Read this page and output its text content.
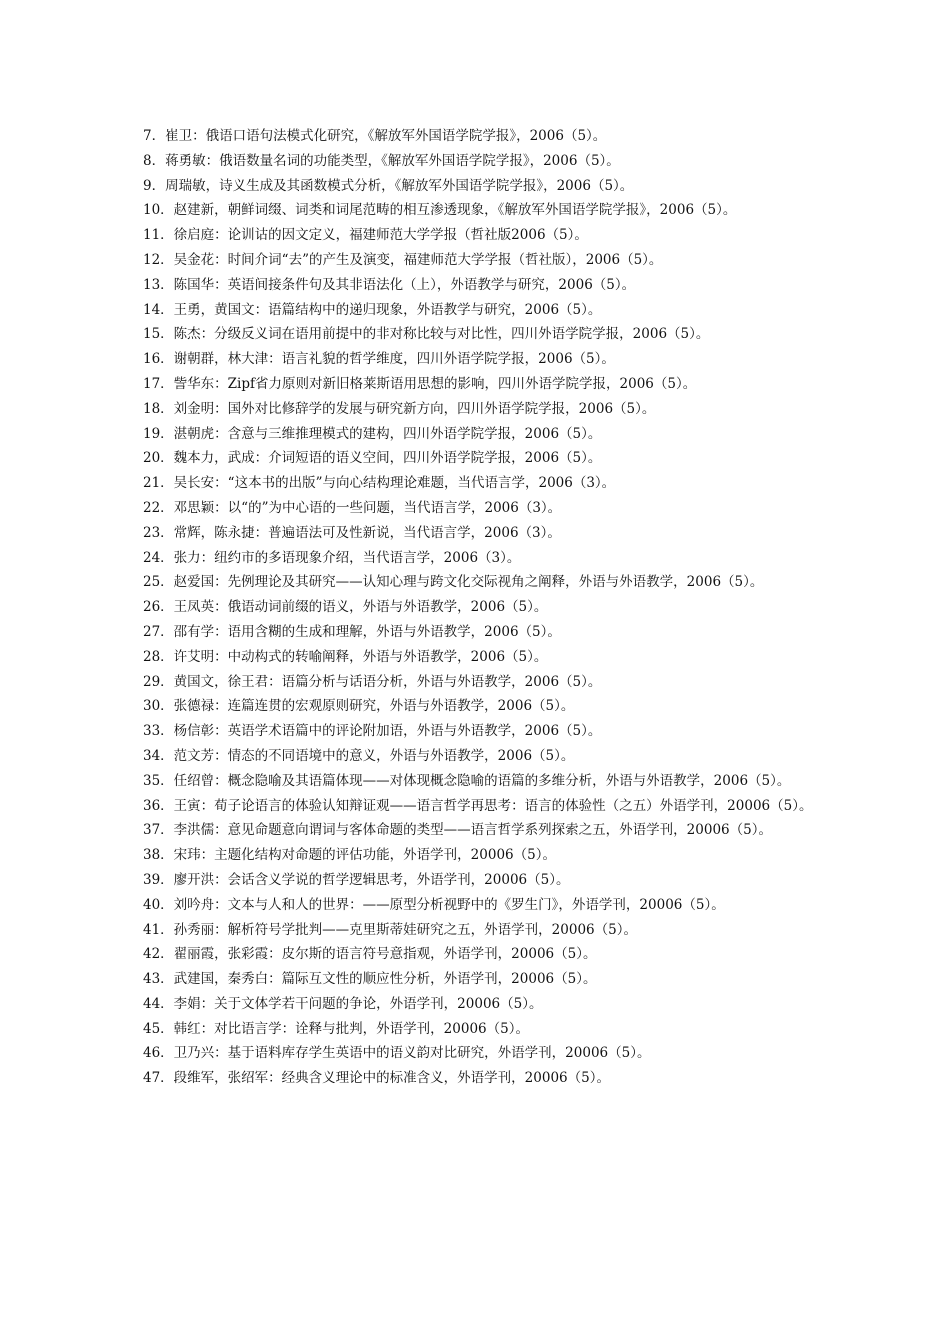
7．崔卫：俄语口语句法模式化研究，《解放军外国语学院学报》，2006（5）。

8．蒋勇敏：俄语数量名词的功能类型，《解放军外国语学院学报》，2006（5）。

9．周瑞敏，诗义生成及其函数模式分析，《解放军外国语学院学报》，2006（5）。

10．赵建新，朝鲜词缀、词类和词尾范畴的相互渗透现象，《解放军外国语学院学报》，2006（5）。

11．徐启庭：论训诂的因文定义，福建师范大学学报（哲社版2006（5）。

12．吴金花：时间介词“去”的产生及演变，福建师范大学学报（哲社版），2006（5）。

13．陈国华：英语间接条件句及其非语法化（上），外语教学与研究，2006（5）。

14．王勇，黄国文：语篇结构中的递归现象，外语教学与研究，2006（5）。

15．陈杰：分级反义词在语用前提中的非对称比较与对比性，四川外语学院学报，2006（5）。

16．谢朝群，林大津：语言礼貌的哲学维度，四川外语学院学报，2006（5）。

17．訾华东：Zipf省力原则对新旧格莱斯语用思想的影响，四川外语学院学报，2006（5）。

18．刘金明：国外对比修辞学的发展与研究新方向，四川外语学院学报，2006（5）。

19．湛朝虎：含意与三维推理模式的建构，四川外语学院学报，2006（5）。

20．魏本力，武成：介词短语的语义空间，四川外语学院学报，2006（5）。

21．吴长安：“这本书的出版”与向心结构理论难题，当代语言学，2006（3）。

22．邓思颖：以“的”为中心语的一些问题，当代语言学，2006（3）。

23．常辉，陈永捷：普遍语法可及性新说，当代语言学，2006（3）。

24．张力：纽约市的多语现象介绍，当代语言学，2006（3）。

25．赵爱国：先例理论及其研究——认知心理与跨文化交际视角之阐释，外语与外语教学，2006（5）。

26．王凤英：俄语动词前缀的语义，外语与外语教学，2006（5）。

27．邵有学：语用含糊的生成和理解，外语与外语教学，2006（5）。

28．许艾明：中动构式的转喻阐释，外语与外语教学，2006（5）。

29．黄国文，徐王君：语篇分析与话语分析，外语与外语教学，2006（5）。

30．张德禄：连篇连贯的宏观原则研究，外语与外语教学，2006（5）。

33．杨信彰：英语学术语篇中的评论附加语，外语与外语教学，2006（5）。

34．范文芳：情态的不同语境中的意义，外语与外语教学，2006（5）。

35．任绍曾：概念隐喻及其语篇体现——对体现概念隐喻的语篇的多维分析，外语与外语教学，2006（5）。

36．王寅：荀子论语言的体验认知辩证观——语言哲学再思考：语言的体验性（之五）外语学刊，20006（5）。

37．李洪儒：意见命题意向谓词与客体命题的类型——语言哲学系列探索之五，外语学刊，20006（5）。

38．宋玮：主题化结构对命题的评估功能，外语学刊，20006（5）。

39．廖开洪：会话含义学说的哲学逻辑思考，外语学刊，20006（5）。

40．刘吟舟：文本与人和人的世界：——原型分析视野中的《罗生门》，外语学刊，20006（5）。

41．孙秀丽：解析符号学批判——克里斯蒂娃研究之五，外语学刊，20006（5）。

42．翟丽霞，张彩霞：皮尔斯的语言符号意指观，外语学刊，20006（5）。

43．武建国，秦秀白：篇际互文性的顺应性分析，外语学刊，20006（5）。

44．李娟：关于文体学若干问题的争论，外语学刊，20006（5）。

45．韩红：对比语言学：诠释与批判，外语学刊，20006（5）。

46．卫乃兴：基于语料库存学生英语中的语义韵对比研究，外语学刊，20006（5）。

47．段维军，张绍军：经典含义理论中的标准含义，外语学刊，20006（5）。
